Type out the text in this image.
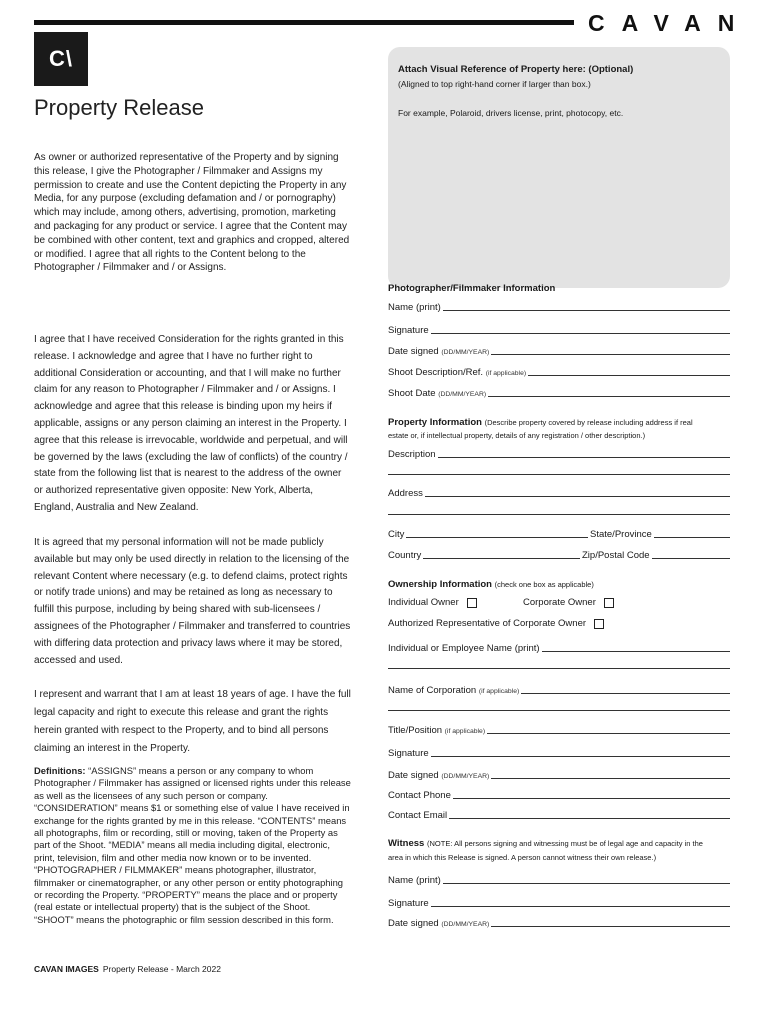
CAVAN
C\
Property Release
Attach Visual Reference of Property here: (Optional)
(Aligned to top right-hand corner if larger than box.)
For example, Polaroid, drivers license, print, photocopy, etc.

As owner or authorized representative of the Property and by signing this release, I give the Photographer / Filmmaker and Assigns my permission to create and use the Content depicting the Property in any Media, for any purpose (excluding defamation and / or pornography) which may include, among others, advertising, promotion, marketing and packaging for any product or service. I agree that the Content may be combined with other content, text and graphics and cropped, altered or modified. I agree that all rights to the Content belong to the Photographer / Filmmaker and / or Assigns.

I agree that I have received Consideration for the rights granted in this release. I acknowledge and agree that I have no further right to additional Consideration or accounting, and that I will make no further claim for any reason to Photographer / Filmmaker and / or Assigns. I acknowledge and agree that this release is binding upon my heirs if applicable, assigns or any person claiming an interest in the Property. I agree that this release is irrevocable, worldwide and perpetual, and will be governed by the laws (excluding the law of conflicts) of the country / state from the following list that is nearest to the address of the owner or authorized representative given opposite: New York, Alberta, England, Australia and New Zealand.

It is agreed that my personal information will not be made publicly available but may only be used directly in relation to the licensing of the relevant Content where necessary (e.g. to defend claims, protect rights or notify trade unions) and may be retained as long as necessary to fulfill this purpose, including by being shared with sub-licensees / assignees of the Photographer / Filmmaker and transferred to countries with differing data protection and privacy laws where it may be stored, accessed and used.

I represent and warrant that I am at least 18 years of age. I have the full legal capacity and right to execute this release and grant the rights herein granted with respect to the Property, and to bind all persons claiming an interest in the Property.

Definitions: “ASSIGNS” means a person or any company to whom Photographer / Filmmaker has assigned or licensed rights under this release as well as the licensees of any such person or company. “CONSIDERATION” means $1 or something else of value I have received in exchange for the rights granted by me in this release. “CONTENTS” means all photographs, film or recording, still or moving, taken of the Property as part of the Shoot. “MEDIA” means all media including digital, electronic, print, television, film and other media now known or to be invented. “PHOTOGRAPHER / FILMMAKER” means photographer, illustrator, filmmaker or cinematographer, or any other person or entity photographing or recording the Property. “PROPERTY” means the place and or property (real estate or intellectual property) that is the subject of the Shoot. “SHOOT” means the photographic or film session described in this form.

CAVAN IMAGES Property Release - March 2022
Photographer/Filmmaker Information
Name (print)
Signature
Date signed (DD/MM/YEAR)
Shoot Description/Ref. (if applicable)
Shoot Date (DD/MM/YEAR)
Property Information (Describe property covered by release including address if real
estate or, if intellectual property, details of any registration / other description.)
Description
Address
City	State/Province
Country	Zip/Postal Code
Ownership Information (check one box as applicable)
Individual Owner	Corporate Owner
Authorized Representative of Corporate Owner
Individual or Employee Name (print)
Name of Corporation (if applicable)
Title/Position (if applicable)
Signature
Date signed (DD/MM/YEAR)
Contact Phone
Contact Email
Witness (NOTE: All persons signing and witnessing must be of legal age and capacity in the
area in which this Release is signed. A person cannot witness their own release.)
Name (print)
Signature
Date signed (DD/MM/YEAR)
